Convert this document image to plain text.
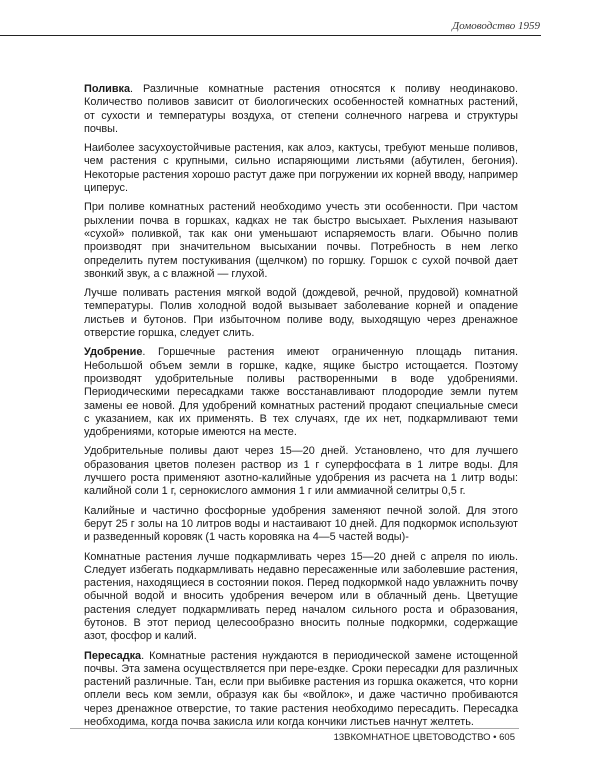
Домоводство 1959

Поливка. Различные комнатные растения относятся к поливу неодинаково. Количество поливов зависит от биологических особенностей комнатных растений, от сухости и температуры воздуха, от степени солнечного нагрева и структуры почвы.

Наиболее засухоустойчивые растения, как алоэ, кактусы, требуют меньше поливов, чем растения с крупными, сильно испаряющими листьями (абутилен, бегония). Некоторые растения хорошо растут даже при погружении их корней вводу, например циперус.

При поливе комнатных растений необходимо учесть эти особенности. При частом рыхлении почва в горшках, кадках не так быстро высыхает. Рыхления называют «сухой» поливкой, так как они уменьшают испаряемость влаги. Обычно полив производят при значительном высыхании почвы. Потребность в нем легко определить путем постукивания (щелчком) по горшку. Горшок с сухой почвой дает звонкий звук, а с влажной — глухой.

Лучше поливать растения мягкой водой (дождевой, речной, прудовой) комнатной температуры. Полив холодной водой вызывает заболевание корней и опадение листьев и бутонов. При избыточном поливе воду, выходящую через дренажное отверстие горшка, следует слить.

Удобрение. Горшечные растения имеют ограниченную площадь питания. Небольшой объем земли в горшке, кадке, ящике быстро истощается. Поэтому производят удобрительные поливы растворенными в воде удобрениями. Периодическими пересадками также восстанавливают плодородие земли путем замены ее новой. Для удобрений комнатных растений продают специальные смеси с указанием, как их применять. В тех случаях, где их нет, подкармливают теми удобрениями, которые имеются на месте.

Удобрительные поливы дают через 15—20 дней. Установлено, что для лучшего образования цветов полезен раствор из 1 г суперфосфата в 1 литре воды. Для лучшего роста применяют азотно-калийные удобрения из расчета на 1 литр воды: калийной соли 1 г, сернокислого аммония 1 г или аммиачной селитры 0,5 г.

Калийные и частично фосфорные удобрения заменяют печной золой. Для этого берут 25 г золы на 10 литров воды и настаивают 10 дней. Для подкормок используют и разведенный коровяк (1 часть коровяка на 4—5 частей воды)-

Комнатные растения лучше подкармливать через 15—20 дней с апреля по июль. Следует избегать подкармливать недавно пересаженные или заболевшие растения, растения, находящиеся в состоянии покоя. Перед подкормкой надо увлажнить почву обычной водой и вносить удобрения вечером или в облачный день. Цветущие растения следует подкармливать перед началом сильного роста и образования, бутонов. В этот период целесообразно вносить полные подкормки, содержащие азот, фосфор и калий.

Пересадка. Комнатные растения нуждаются в периодической замене истощенной почвы. Эта замена осуществляется при пере-ездке. Сроки пересадки для различных растений различные. Тан, если при выбивке растения из горшка окажется, что корни оплели весь ком земли, образуя как бы «войлок», и даже частично пробиваются через дренажное отверстие, то такие растения необходимо пересадить. Пересадка необходима, когда почва закисла или когда кончики листьев начнут желтеть.

13ВКОМНАТНОЕ ЦВЕТОВОДСТВО • 605
